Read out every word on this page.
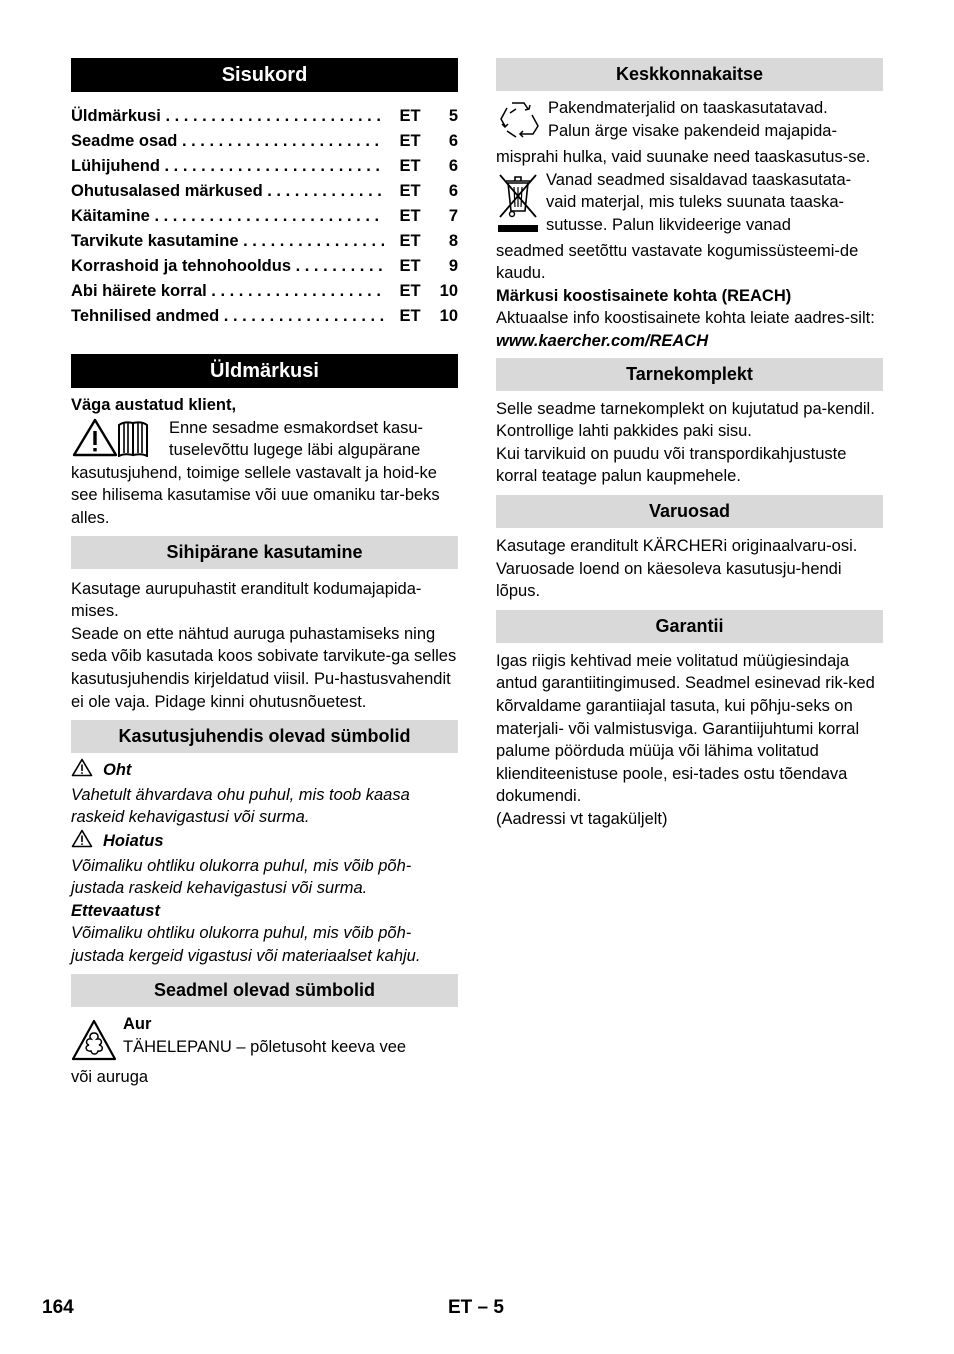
Sisukord
Üldmärkusi . . .	ET	5
Seadme osad . . .	ET	6
Lühijuhend . . .	ET	6
Ohutusalased märkused . . .	ET	6
Käitamine . . .	ET	7
Tarvikute kasutamine . . .	ET	8
Korrashoid ja tehnohooldus . . .	ET	9
Abi häirete korral . . .	ET	10
Tehnilised andmed . . .	ET	10
Üldmärkusi

Väga austatud klient,

Enne sesadme esmakordset kasu-

tuselevõttu lugege läbi algupärane

kasutusjuhend, toimige sellele vastavalt ja hoid-ke see hilisema kasutamise või uue omaniku tar-beks alles.

Sihipärane kasutamine

Kasutage aurupuhastit eranditult kodumajapida-mises.

Seade on ette nähtud auruga puhastamiseks ning seda võib kasutada koos sobivate tarvikute-ga selles kasutusjuhendis kirjeldatud viisil. Pu-hastusvahendit ei ole vaja. Pidage kinni ohutusnõuetest.

Kasutusjuhendis olevad sümbolid

Oht

Vahetult ähvardava ohu puhul, mis toob kaasa raskeid kehavigastusi või surma.

Hoiatus

Võimaliku ohtliku olukorra puhul, mis võib põh-justada raskeid kehavigastusi või surma.

Ettevaatust

Võimaliku ohtliku olukorra puhul, mis võib põh-justada kergeid vigastusi või materiaalset kahju.

Seadmel olevad sümbolid

Aur

TÄHELEPANU – põletusoht keeva vee

või auruga

Keskkonnakaitse

Pakendmaterjalid on taaskasutatavad.

Palun ärge visake pakendeid majapida-

misprahi hulka, vaid suunake need taaskasutus-se.

Vanad seadmed sisaldavad taaskasutata-

vaid materjal, mis tuleks suunata taaska-

sutusse. Palun likvideerige vanad

seadmed seetõttu vastavate kogumissüsteemi-de kaudu.

Märkusi koostisainete kohta (REACH)

Aktuaalse info koostisainete kohta leiate aadres-silt:

www.kaercher.com/REACH

Tarnekomplekt

Selle seadme tarnekomplekt on kujutatud pa-kendil. Kontrollige lahti pakkides paki sisu.

Kui tarvikuid on puudu või transpordikahjustuste korral teatage palun kaupmehele.

Varuosad

Kasutage eranditult KÄRCHERi originaalvaru-osi. Varuosade loend on käesoleva kasutusju-hendi lõpus.

Garantii

Igas riigis kehtivad meie volitatud müügiesindaja antud garantiitingimused. Seadmel esinevad rik-ked kõrvaldame garantiiajal tasuta, kui põhju-seks on materjali- või valmistusviga. Garantiijuhtumi korral palume pöörduda müüja või lähima volitatud klienditeenistuse poole, esi-tades ostu tõendava dokumendi.

(Aadressi vt tagaküljelt)

164	ET – 5
